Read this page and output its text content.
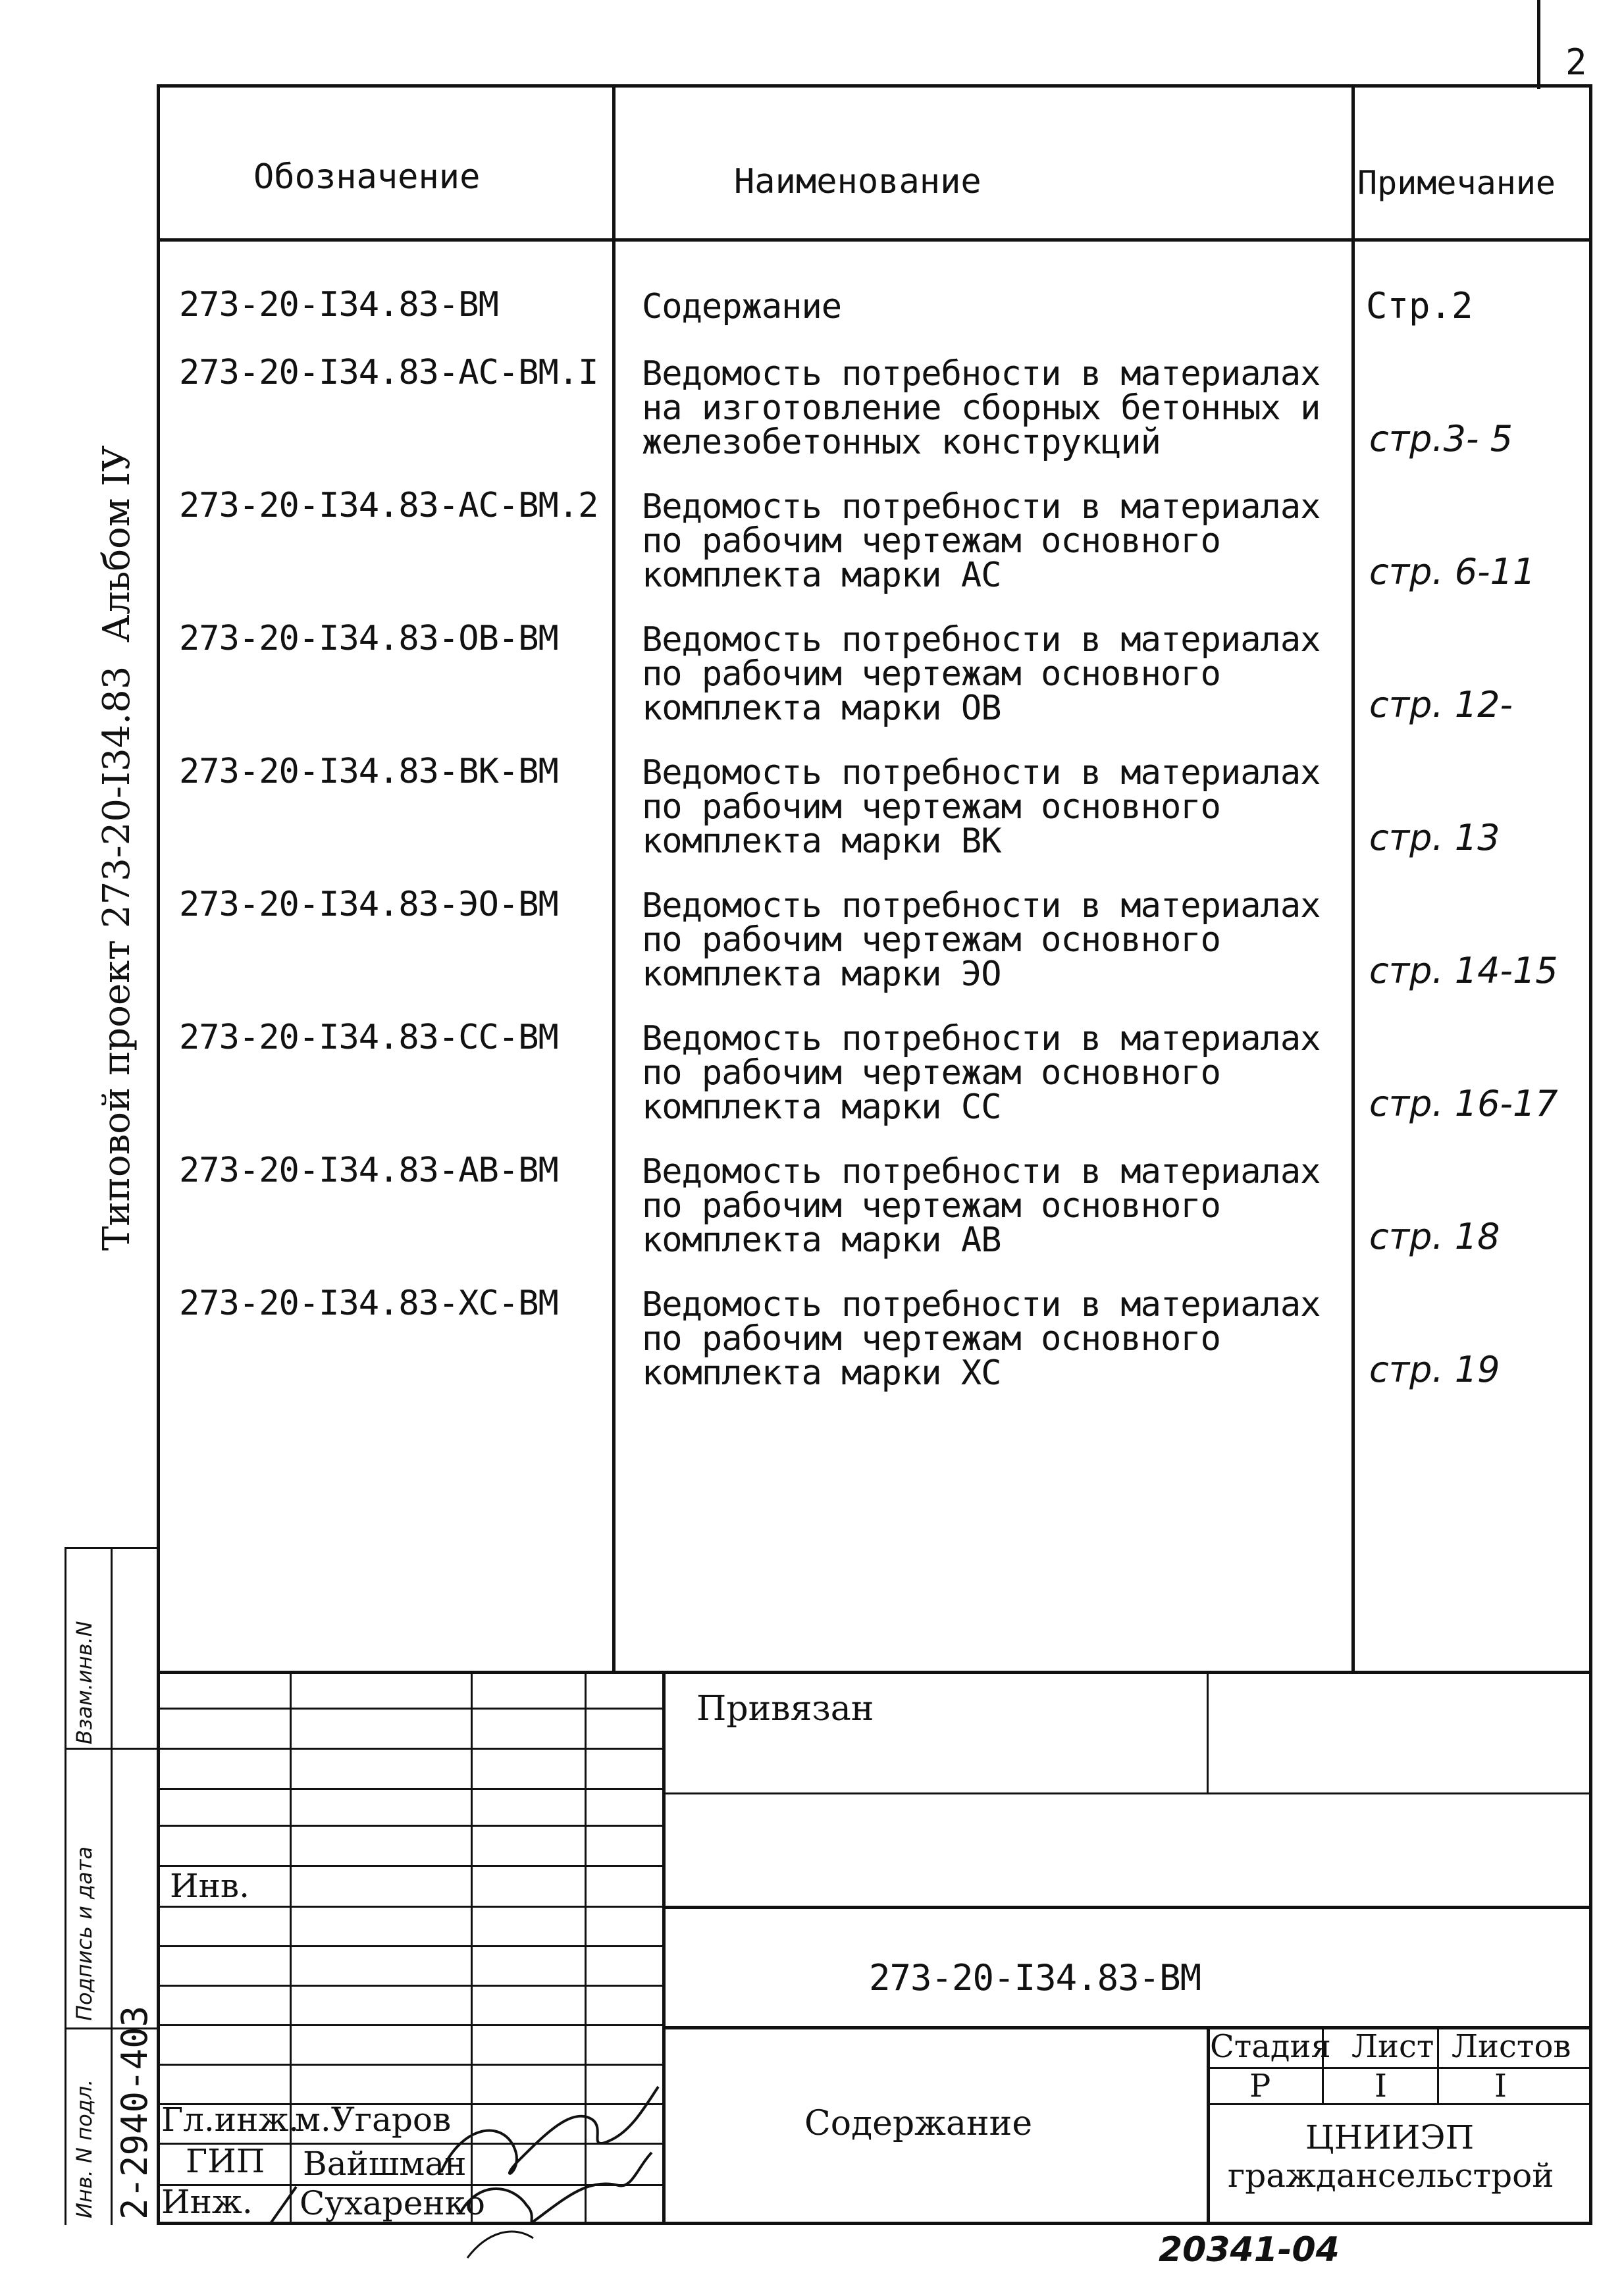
2
Типовой проект 273-20-I34.83  Альбом IУ
Взам.инв.N
Подпись и дата
Инв. N подл. 2-2940-403
Обозначение	Наименование	Примечание
273-20-I34.83-BM	Содержание	Стр.2
273-20-I34.83-AC-BM.I Ведомость потребности в материалах
на изготовление сборных бетонных и
железобетонных конструкций	стр.3- 5
273-20-I34.83-AC-BM.2 Ведомость потребности в материалах
по рабочим чертежам основного
комплекта марки АС	стр. 6-11
273-20-I34.83-OB-BM Ведомость потребности в материалах
по рабочим чертежам основного
комплекта марки ОВ	стр. 12-
273-20-I34.83-BK-BM Ведомость потребности в материалах
по рабочим чертежам основного
комплекта марки ВК	стр. 13
273-20-I34.83-ЭO-BM Ведомость потребности в материалах
по рабочим чертежам основного
комплекта марки ЭО	стр. 14-15
273-20-I34.83-CC-BM Ведомость потребности в материалах
по рабочим чертежам основного
комплекта марки СС	стр. 16-17
273-20-I34.83-AB-BM Ведомость потребности в материалах
по рабочим чертежам основного
комплекта марки АВ	стр. 18
273-20-I34.83-XC-BM Ведомость потребности в материалах
по рабочим чертежам основного
комплекта марки ХС	стр. 19
Инв.
Гл.инж.
м.Угаров
ГИП Вайшман
Инж. Сухаренко
Привязан
273-20-I34.83-BM
Содержание
Стадия Лист Листов
Р	I	I
ЦНИИЭП
граждансельстрой
20341-04
